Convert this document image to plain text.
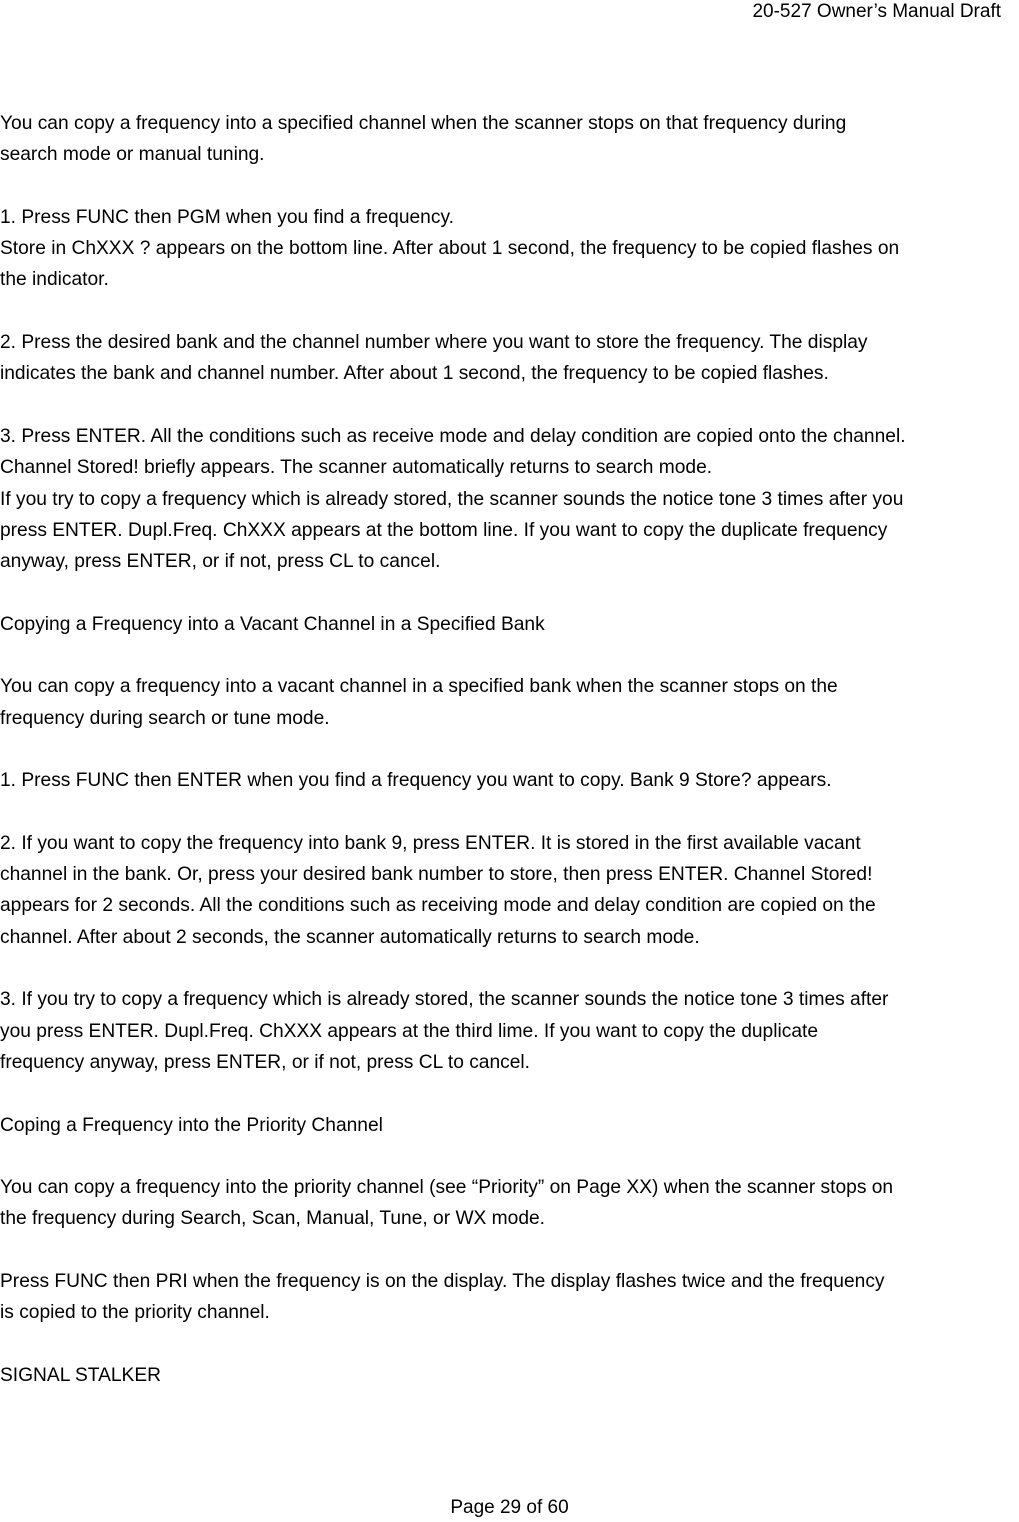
20-527 Owner’s Manual Draft

You can copy a frequency into a specified channel when the scanner stops on that frequency during
search mode or manual tuning.

1. Press FUNC then PGM when you find a frequency.
Store in ChXXX ? appears on the bottom line. After about 1 second, the frequency to be copied flashes on
the indicator.

2. Press the desired bank and the channel number where you want to store the frequency. The display
indicates the bank and channel number. After about 1 second, the frequency to be copied flashes.

3. Press ENTER. All the conditions such as receive mode and delay condition are copied onto the channel.
Channel Stored! briefly appears. The scanner automatically returns to search mode.
If you try to copy a frequency which is already stored, the scanner sounds the notice tone 3 times after you
press ENTER. Dupl.Freq. ChXXX appears at the bottom line. If you want to copy the duplicate frequency
anyway, press ENTER, or if not, press CL to cancel.

Copying a Frequency into a Vacant Channel in a Specified Bank

You can copy a frequency into a vacant channel in a specified bank when the scanner stops on the
frequency during search or tune mode.

1. Press FUNC then ENTER when you find a frequency you want to copy. Bank 9 Store? appears.

2. If you want to copy the frequency into bank 9, press ENTER. It is stored in the first available vacant
channel in the bank. Or, press your desired bank number to store, then press ENTER. Channel Stored!
appears for 2 seconds. All the conditions such as receiving mode and delay condition are copied on the
channel. After about 2 seconds, the scanner automatically returns to search mode.

3. If you try to copy a frequency which is already stored, the scanner sounds the notice tone 3 times after
you press ENTER. Dupl.Freq. ChXXX appears at the third lime. If you want to copy the duplicate
frequency anyway, press ENTER, or if not, press CL to cancel.

Coping a Frequency into the Priority Channel

You can copy a frequency into the priority channel (see “Priority” on Page XX) when the scanner stops on
the frequency during Search, Scan, Manual, Tune, or WX mode.

Press FUNC then PRI when the frequency is on the display. The display flashes twice and the frequency
is copied to the priority channel.

SIGNAL STALKER

Page 29 of 60
